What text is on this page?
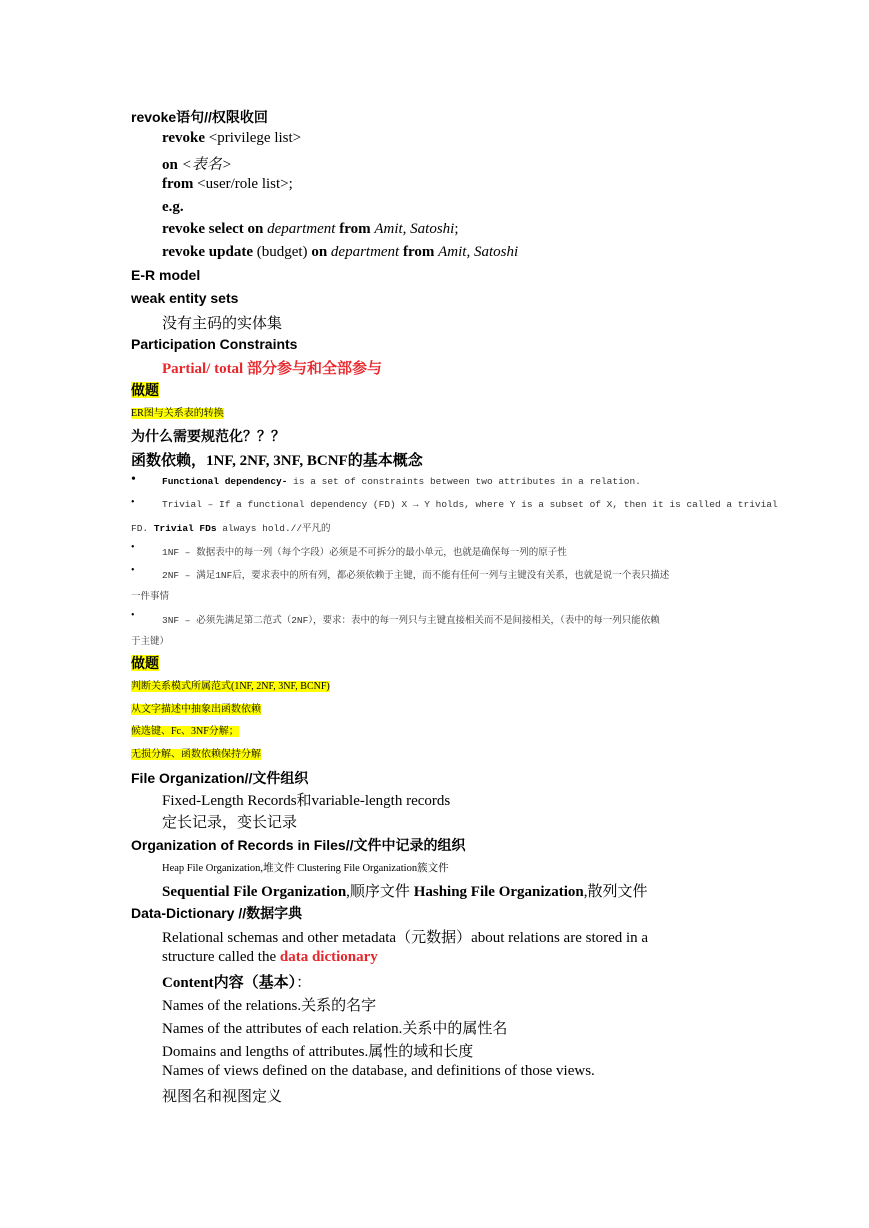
revoke语句//权限收回
revoke <privilege list>
on <表名>
from <user/role list>;
e.g.
revoke select on department from Amit, Satoshi;
revoke update (budget) on department from Amit, Satoshi
E-R model
weak entity sets
没有主码的实体集
Participation Constraints
Partial/ total 部分参与和全部参与
做题
ER图与关系表的转换
为什么需要规范化？？？
函数依赖，1NF, 2NF, 3NF, BCNF的基本概念
•	Functional dependency- is a set of constraints between two attributes in a relation.
•	Trivial – If a functional dependency (FD) X → Y holds, where Y is a subset of X, then it is called a trivial
FD. Trivial FDs always hold.//平凡的
•	1NF – 数据表中的每一列（每个字段）必须是不可拆分的最小单元，也就是确保每一列的原子性
•	2NF – 满足1NF后，要求表中的所有列，都必须依赖于主键，而不能有任何一列与主键没有关系，也就是说一个表只描述
一件事情
•	3NF – 必须先满足第二范式（2NF），要求：表中的每一列只与主键直接相关而不是间接相关，（表中的每一列只能依赖
于主键）
做题
判断关系模式所属范式(1NF, 2NF, 3NF, BCNF)
从文字描述中抽象出函数依赖
候选键、Fc、3NF分解；
无损分解、函数依赖保持分解
File Organization//文件组织
Fixed-Length Records和variable-length records
定长记录，变长记录
Organization of Records in Files//文件中记录的组织
Heap File Organization,堆文件 Clustering File Organization簇文件
Sequential File Organization,顺序文件 Hashing File Organization,散列文件
Data-Dictionary //数据字典
Relational schemas and other metadata（元数据）about relations are stored in a
structure called the data dictionary
Content内容（基本）：
Names of the relations.关系的名字
Names of the attributes of each relation.关系中的属性名
Domains and lengths of attributes.属性的域和长度
Names of views defined on the database, and definitions of those views.
视图名和视图定义
